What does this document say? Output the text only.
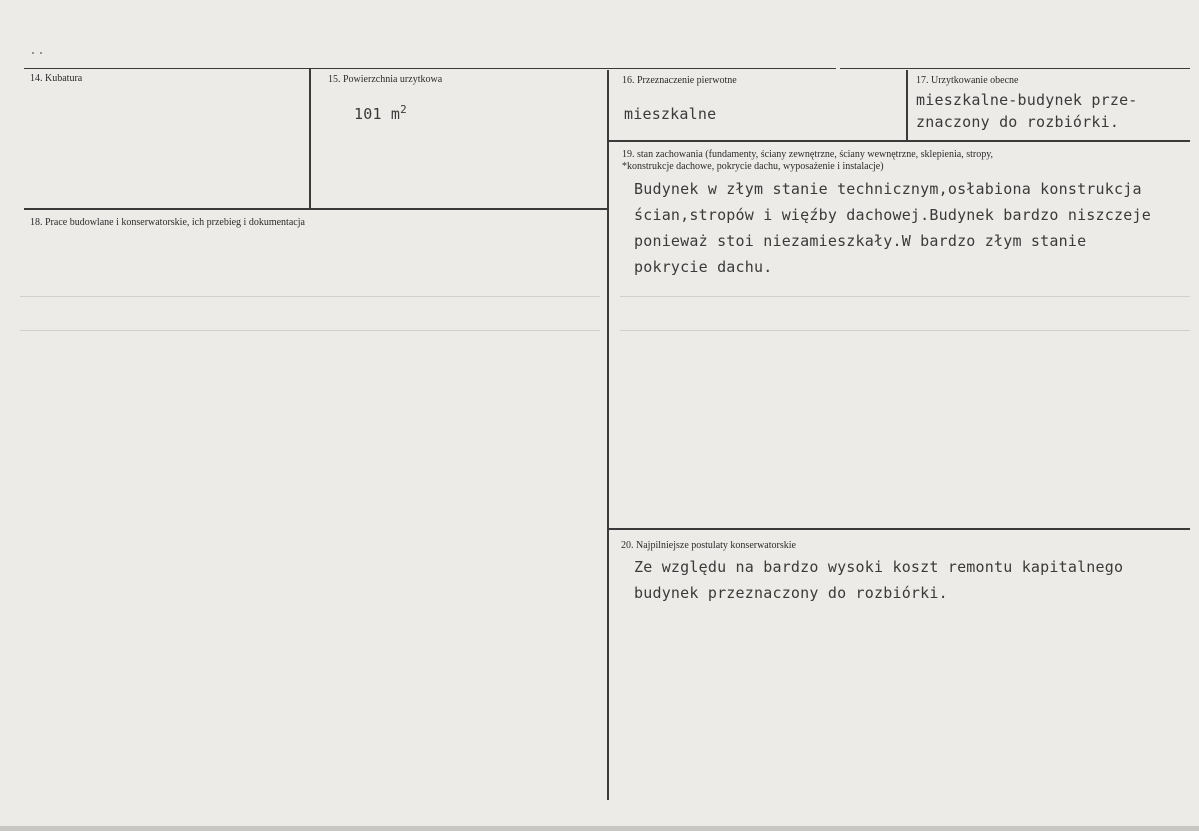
14. Kubatura	15. Powierzchnia urzytkowa
101 $m^2$
16. Przeznaczenie pierwotne
mieszkalne
17. Urzytkowanie obecne
mieszkalne-budynek prze-
znaczony do rozbiórki.
18. Prace budowlane i konserwatorskie, ich przebieg i dokumentacja
19. stan zachowania (fundamenty, ściany zewnętrzne, ściany wewnętrzne, sklepienia, stropy,
*konstrukcje dachowe, pokrycie dachu, wyposażenie i instalacje)
Budynek w złym stanie technicznym,osłabiona konstrukcja
ścian,stropów i więźby dachowej.Budynek bardzo niszczeje
ponieważ stoi niezamieszkały.W bardzo złym stanie
pokrycie dachu.
20. Najpilniejsze postulaty konserwatorskie
Ze względu na bardzo wysoki koszt remontu kapitalnego
budynek przeznaczony do rozbiórki.
